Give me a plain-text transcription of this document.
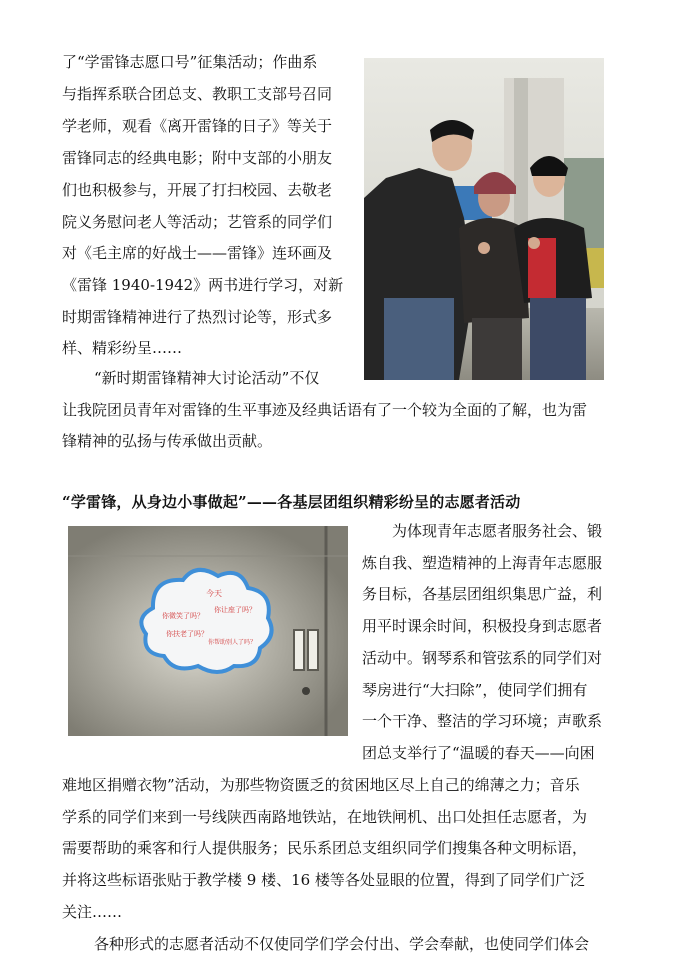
了“学雷锋志愿口号”征集活动；作曲系
与指挥系联合团总支、教职工支部号召同
学老师，观看《离开雷锋的日子》等关于
雷锋同志的经典电影；附中支部的小朋友
们也积极参与，开展了打扫校园、去敬老
院义务慰问老人等活动；艺管系的同学们
对《毛主席的好战士——雷锋》连环画及
《雷锋 1940-1942》两书进行学习，对新
时期雷锋精神进行了热烈讨论等，形式多
样、精彩纷呈……
“新时期雷锋精神大讨论活动”不仅
让我院团员青年对雷锋的生平事迹及经典话语有了一个较为全面的了解，也为雷
锋精神的弘扬与传承做出贡献。
“学雷锋，从身边小事做起”——各基层团组织精彩纷呈的志愿者活动
今天
你微笑了吗？
你让座了吗？
你扶老了吗？
你帮助别人了吗？
为体现青年志愿者服务社会、锻
炼自我、塑造精神的上海青年志愿服
务目标，各基层团组织集思广益，利
用平时课余时间，积极投身到志愿者
活动中。钢琴系和管弦系的同学们对
琴房进行“大扫除”，使同学们拥有
一个干净、整洁的学习环境；声歌系
团总支举行了“温暖的春天——向困
难地区捐赠衣物”活动，为那些物资匮乏的贫困地区尽上自己的绵薄之力；音乐
学系的同学们来到一号线陕西南路地铁站，在地铁闸机、出口处担任志愿者，为
需要帮助的乘客和行人提供服务；民乐系团总支组织同学们搜集各种文明标语，
并将这些标语张贴于教学楼 9 楼、16 楼等各处显眼的位置，得到了同学们广泛
关注……
各种形式的志愿者活动不仅使同学们学会付出、学会奉献，也使同学们体会
